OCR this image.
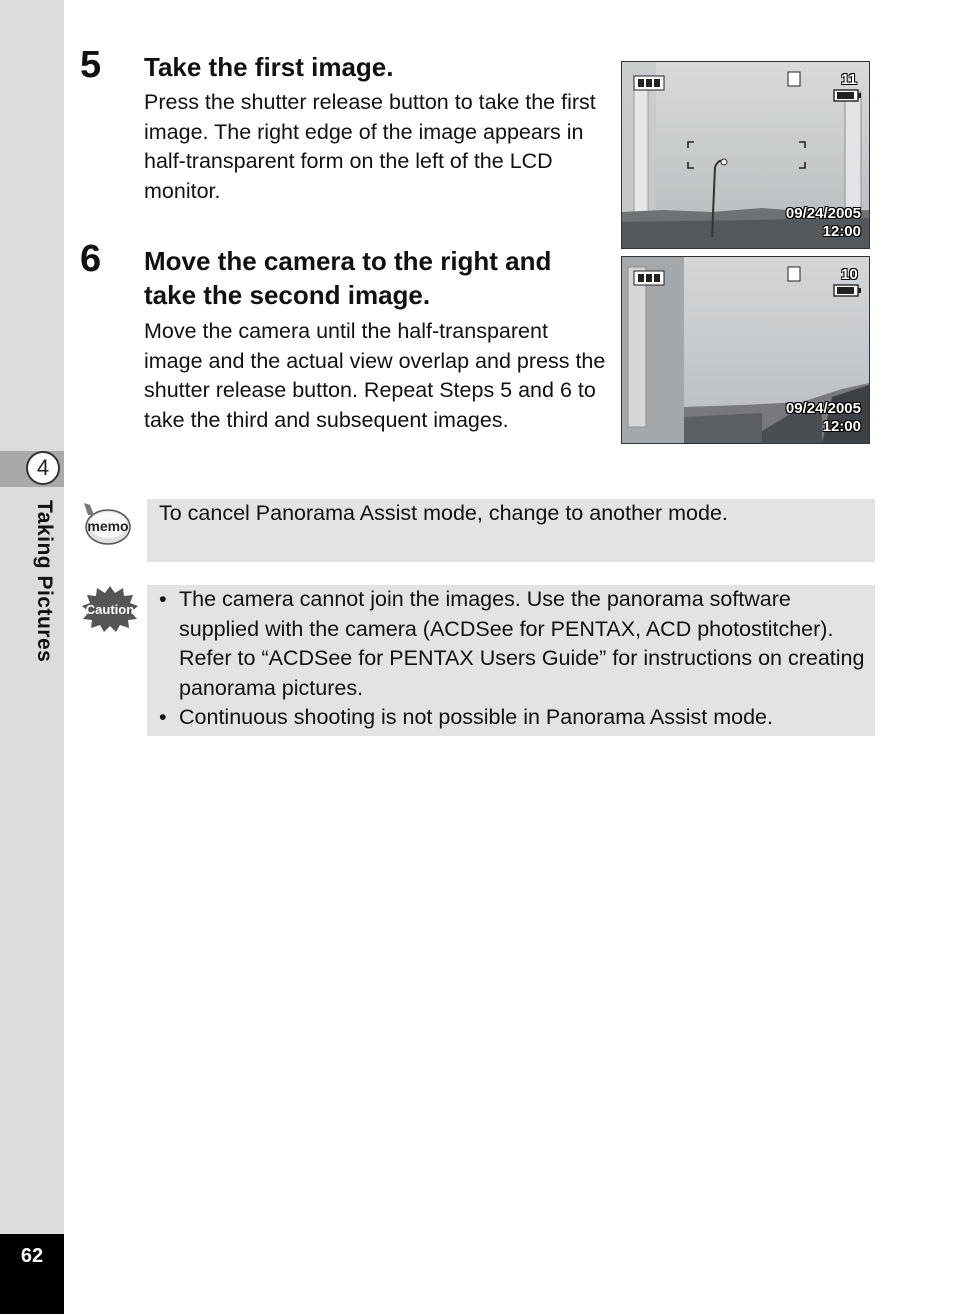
4
Taking Pictures
62
5 Take the first image.
Press the shutter release button to take the first image. The right edge of the image appears in half-transparent form on the left of the LCD monitor.
6 Move the camera to the right and take the second image.
Move the camera until the half-transparent image and the actual view overlap and press the shutter release button. Repeat Steps 5 and 6 to take the third and subsequent images.
11
09/24/2005
12:00
10
09/24/2005
12:00
memo
To cancel Panorama Assist mode, change to another mode.
Caution • The camera cannot join the images. Use the panorama software supplied with the camera (ACDSee for PENTAX, ACD photostitcher). Refer to “ACDSee for PENTAX Users Guide” for instructions on creating panorama pictures.
• Continuous shooting is not possible in Panorama Assist mode.
